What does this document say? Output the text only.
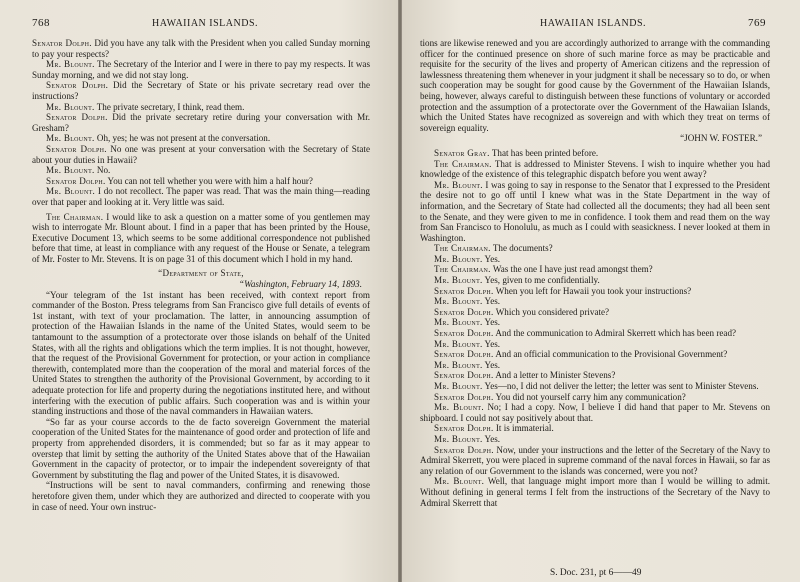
768	HAWAIIAN ISLANDS.

Senator Dolph. Did you have any talk with the President when you called Sunday morning to pay your respects?

Mr. Blount. The Secretary of the Interior and I were in there to pay my respects. It was Sunday morning, and we did not stay long.

Senator Dolph. Did the Secretary of State or his private secretary read over the instructions?

Mr. Blount. The private secretary, I think, read them.

Senator Dolph. Did the private secretary retire during your conversation with Mr. Gresham?

Mr. Blount. Oh, yes; he was not present at the conversation.

Senator Dolph. No one was present at your conversation with the Secretary of State about your duties in Hawaii?

Mr. Blount. No.

Senator Dolph. You can not tell whether you were with him a half hour?

Mr. Blount. I do not recollect. The paper was read. That was the main thing—reading over that paper and looking at it. Very little was said.

The Chairman. I would like to ask a question on a matter some of you gentlemen may wish to interrogate Mr. Blount about. I find in a paper that has been printed by the House, Executive Document 13, which seems to be some additional correspondence not published before that time, at least in compliance with any request of the House or Senate, a telegram of Mr. Foster to Mr. Stevens. It is on page 31 of this document which I hold in my hand.

“Department of State,

“Washington, February 14, 1893.

“Your telegram of the 1st instant has been received, with context report from commander of the Boston. Press telegrams from San Francisco give full details of events of 1st instant, with text of your proclamation. The latter, in announcing assumption of protection of the Hawaiian Islands in the name of the United States, would seem to be tantamount to the assumption of a protectorate over those islands on behalf of the United States, with all the rights and obligations which the term implies. It is not thought, however, that the request of the Provisional Government for protection, or your action in compliance therewith, contemplated more than the cooperation of the moral and material forces of the United States to strengthen the authority of the Provisional Government, by according to it adequate protection for life and property during the negotiations instituted here, and without interfering with the execution of public affairs. Such cooperation was and is within your standing instructions and those of the naval commanders in Hawaiian waters.

“So far as your course accords to the de facto sovereign Government the material cooperation of the United States for the maintenance of good order and protection of life and property from apprehended disorders, it is commended; but so far as it may appear to overstep that limit by setting the authority of the United States above that of the Hawaiian Government in the capacity of protector, or to impair the independent sovereignty of that Government by substituting the flag and power of the United States, it is disavowed.

“Instructions will be sent to naval commanders, confirming and renewing those heretofore given them, under which they are authorized and directed to cooperate with you in case of need. Your own instruc-

HAWAIIAN ISLANDS.	769

tions are likewise renewed and you are accordingly authorized to arrange with the commanding officer for the continued presence on shore of such marine force as may be practicable and requisite for the security of the lives and property of American citizens and the repression of lawlessness threatening them whenever in your judgment it shall be necessary so to do, or when such cooperation may be sought for good cause by the Government of the Hawaiian Islands, being, however, always careful to distinguish between these functions of voluntary or accorded protection and the assumption of a protectorate over the Government of the Hawaiian Islands, which the United States have recognized as sovereign and with which they treat on terms of sovereign equality.

“JOHN W. FOSTER.”

Senator Gray. That has been printed before.

The Chairman. That is addressed to Minister Stevens. I wish to inquire whether you had knowledge of the existence of this telegraphic dispatch before you went away?

Mr. Blount. I was going to say in response to the Senator that I expressed to the President the desire not to go off until I knew what was in the State Department in the way of information, and the Secretary of State had collected all the documents; they had all been sent to the Senate, and they were given to me in confidence. I took them and read them on the way from San Francisco to Honolulu, as much as I could with seasickness. I never looked at them in Washington.

The Chairman. The documents?

Mr. Blount. Yes.

The Chairman. Was the one I have just read amongst them?

Mr. Blount. Yes, given to me confidentially.

Senator Dolph. When you left for Hawaii you took your instructions?

Mr. Blount. Yes.

Senator Dolph. Which you considered private?

Mr. Blount. Yes.

Senator Dolph. And the communication to Admiral Skerrett which has been read?

Mr. Blount. Yes.

Senator Dolph. And an official communication to the Provisional Government?

Mr. Blount. Yes.

Senator Dolph. And a letter to Minister Stevens?

Mr. Blount. Yes—no, I did not deliver the letter; the letter was sent to Minister Stevens.

Senator Dolph. You did not yourself carry him any communication?

Mr. Blount. No; I had a copy. Now, I believe I did hand that paper to Mr. Stevens on shipboard. I could not say positively about that.

Senator Dolph. It is immaterial.

Mr. Blount. Yes.

Senator Dolph. Now, under your instructions and the letter of the Secretary of the Navy to Admiral Skerrett, you were placed in supreme command of the naval forces in Hawaii, so far as any relation of our Government to the islands was concerned, were you not?

Mr. Blount. Well, that language might import more than I would be willing to admit. Without defining in general terms I felt from the instructions of the Secretary of the Navy to Admiral Skerrett that

S. Doc. 231, pt 6——49
